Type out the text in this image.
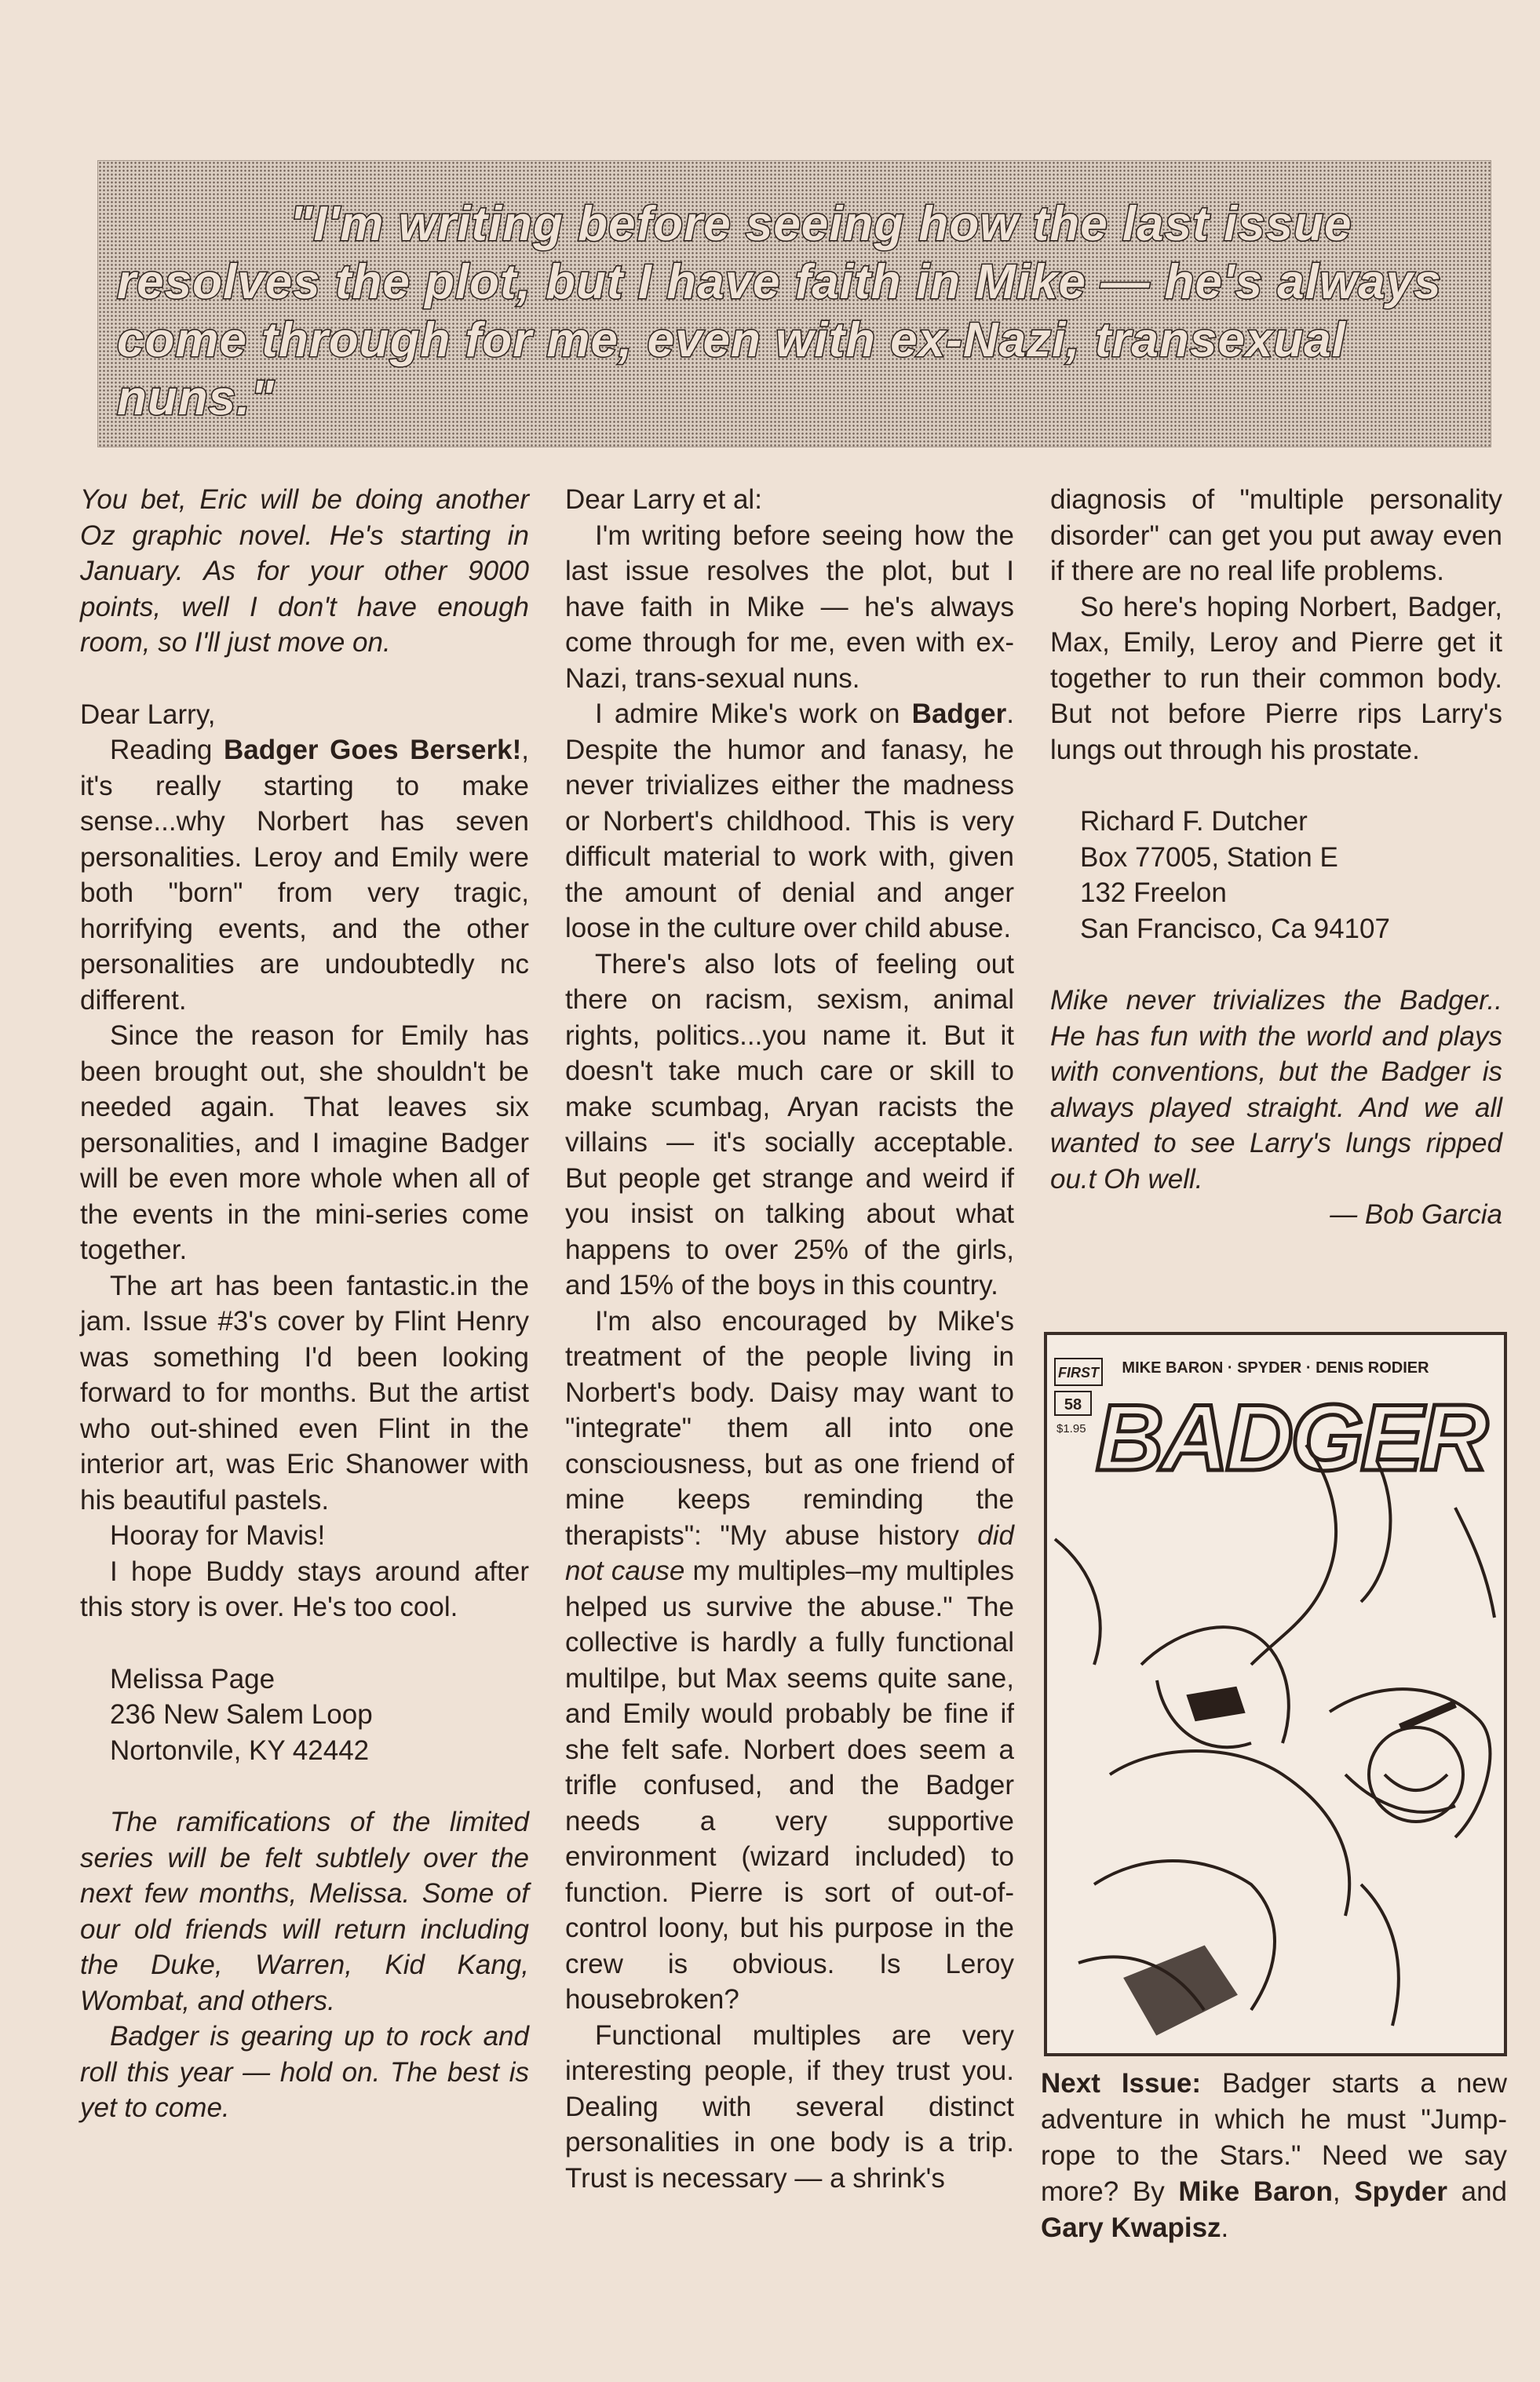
"I'm writing before seeing how the last issue resolves the plot, but I have faith in Mike — he's always come through for me, even with ex-Nazi, transexual nuns."

You bet, Eric will be doing another Oz graphic novel. He's starting in January. As for your other 9000 points, well I don't have enough room, so I'll just move on.

Dear Larry,

Reading Badger Goes Berserk!, it's really starting to make sense...why Norbert has seven personalities. Leroy and Emily were both "born" from very tragic, horrifying events, and the other personalities are undoubtedly nc different.

Since the reason for Emily has been brought out, she shouldn't be needed again. That leaves six personalities, and I imagine Badger will be even more whole when all of the events in the mini-series come together.

The art has been fantastic.in the jam. Issue #3's cover by Flint Henry was something I'd been looking forward to for months. But the artist who out-shined even Flint in the interior art, was Eric Shanower with his beautiful pastels.

Hooray for Mavis!

I hope Buddy stays around after this story is over. He's too cool.

Melissa Page
236 New Salem Loop
Nortonvile, KY 42442

The ramifications of the limited series will be felt subtlely over the next few months, Melissa. Some of our old friends will return including the Duke, Warren, Kid Kang, Wombat, and others.

Badger is gearing up to rock and roll this year — hold on. The best is yet to come.

Dear Larry et al:

I'm writing before seeing how the last issue resolves the plot, but I have faith in Mike — he's always come through for me, even with ex-Nazi, trans-sexual nuns.

I admire Mike's work on Badger. Despite the humor and fanasy, he never trivializes either the madness or Norbert's childhood. This is very difficult material to work with, given the amount of denial and anger loose in the culture over child abuse.

There's also lots of feeling out there on racism, sexism, animal rights, politics...you name it. But it doesn't take much care or skill to make scumbag, Aryan racists the villains — it's socially acceptable. But people get strange and weird if you insist on talking about what happens to over 25% of the girls, and 15% of the boys in this country.

I'm also encouraged by Mike's treatment of the people living in Norbert's body. Daisy may want to "integrate" them all into one consciousness, but as one friend of mine keeps reminding the therapists": "My abuse history did not cause my multiples–my multiples helped us survive the abuse." The collective is hardly a fully functional multilpe, but Max seems quite sane, and Emily would probably be fine if she felt safe. Norbert does seem a trifle confused, and the Badger needs a very supportive environment (wizard included) to function. Pierre is sort of out-of-control loony, but his purpose in the crew is obvious. Is Leroy housebroken?

Functional multiples are very interesting people, if they trust you. Dealing with several distinct personalities in one body is a trip. Trust is necessary — a shrink's

diagnosis of "multiple personality disorder" can get you put away even if there are no real life problems.

So here's hoping Norbert, Badger, Max, Emily, Leroy and Pierre get it together to run their common body. But not before Pierre rips Larry's lungs out through his prostate.

Richard F. Dutcher
Box 77005, Station E
132 Freelon
San Francisco, Ca 94107

Mike never trivializes the Badger.. He has fun with the world and plays with conventions, but the Badger is always played straight. And we all wanted to see Larry's lungs ripped ou.t Oh well.

— Bob Garcia

MIKE BARON · SPYDER · DENIS RODIER
FIRST
58
$1.95 BADGER
Next Issue: Badger starts a new adventure in which he must "Jump-rope to the Stars." Need we say more? By Mike Baron, Spyder and Gary Kwapisz.
